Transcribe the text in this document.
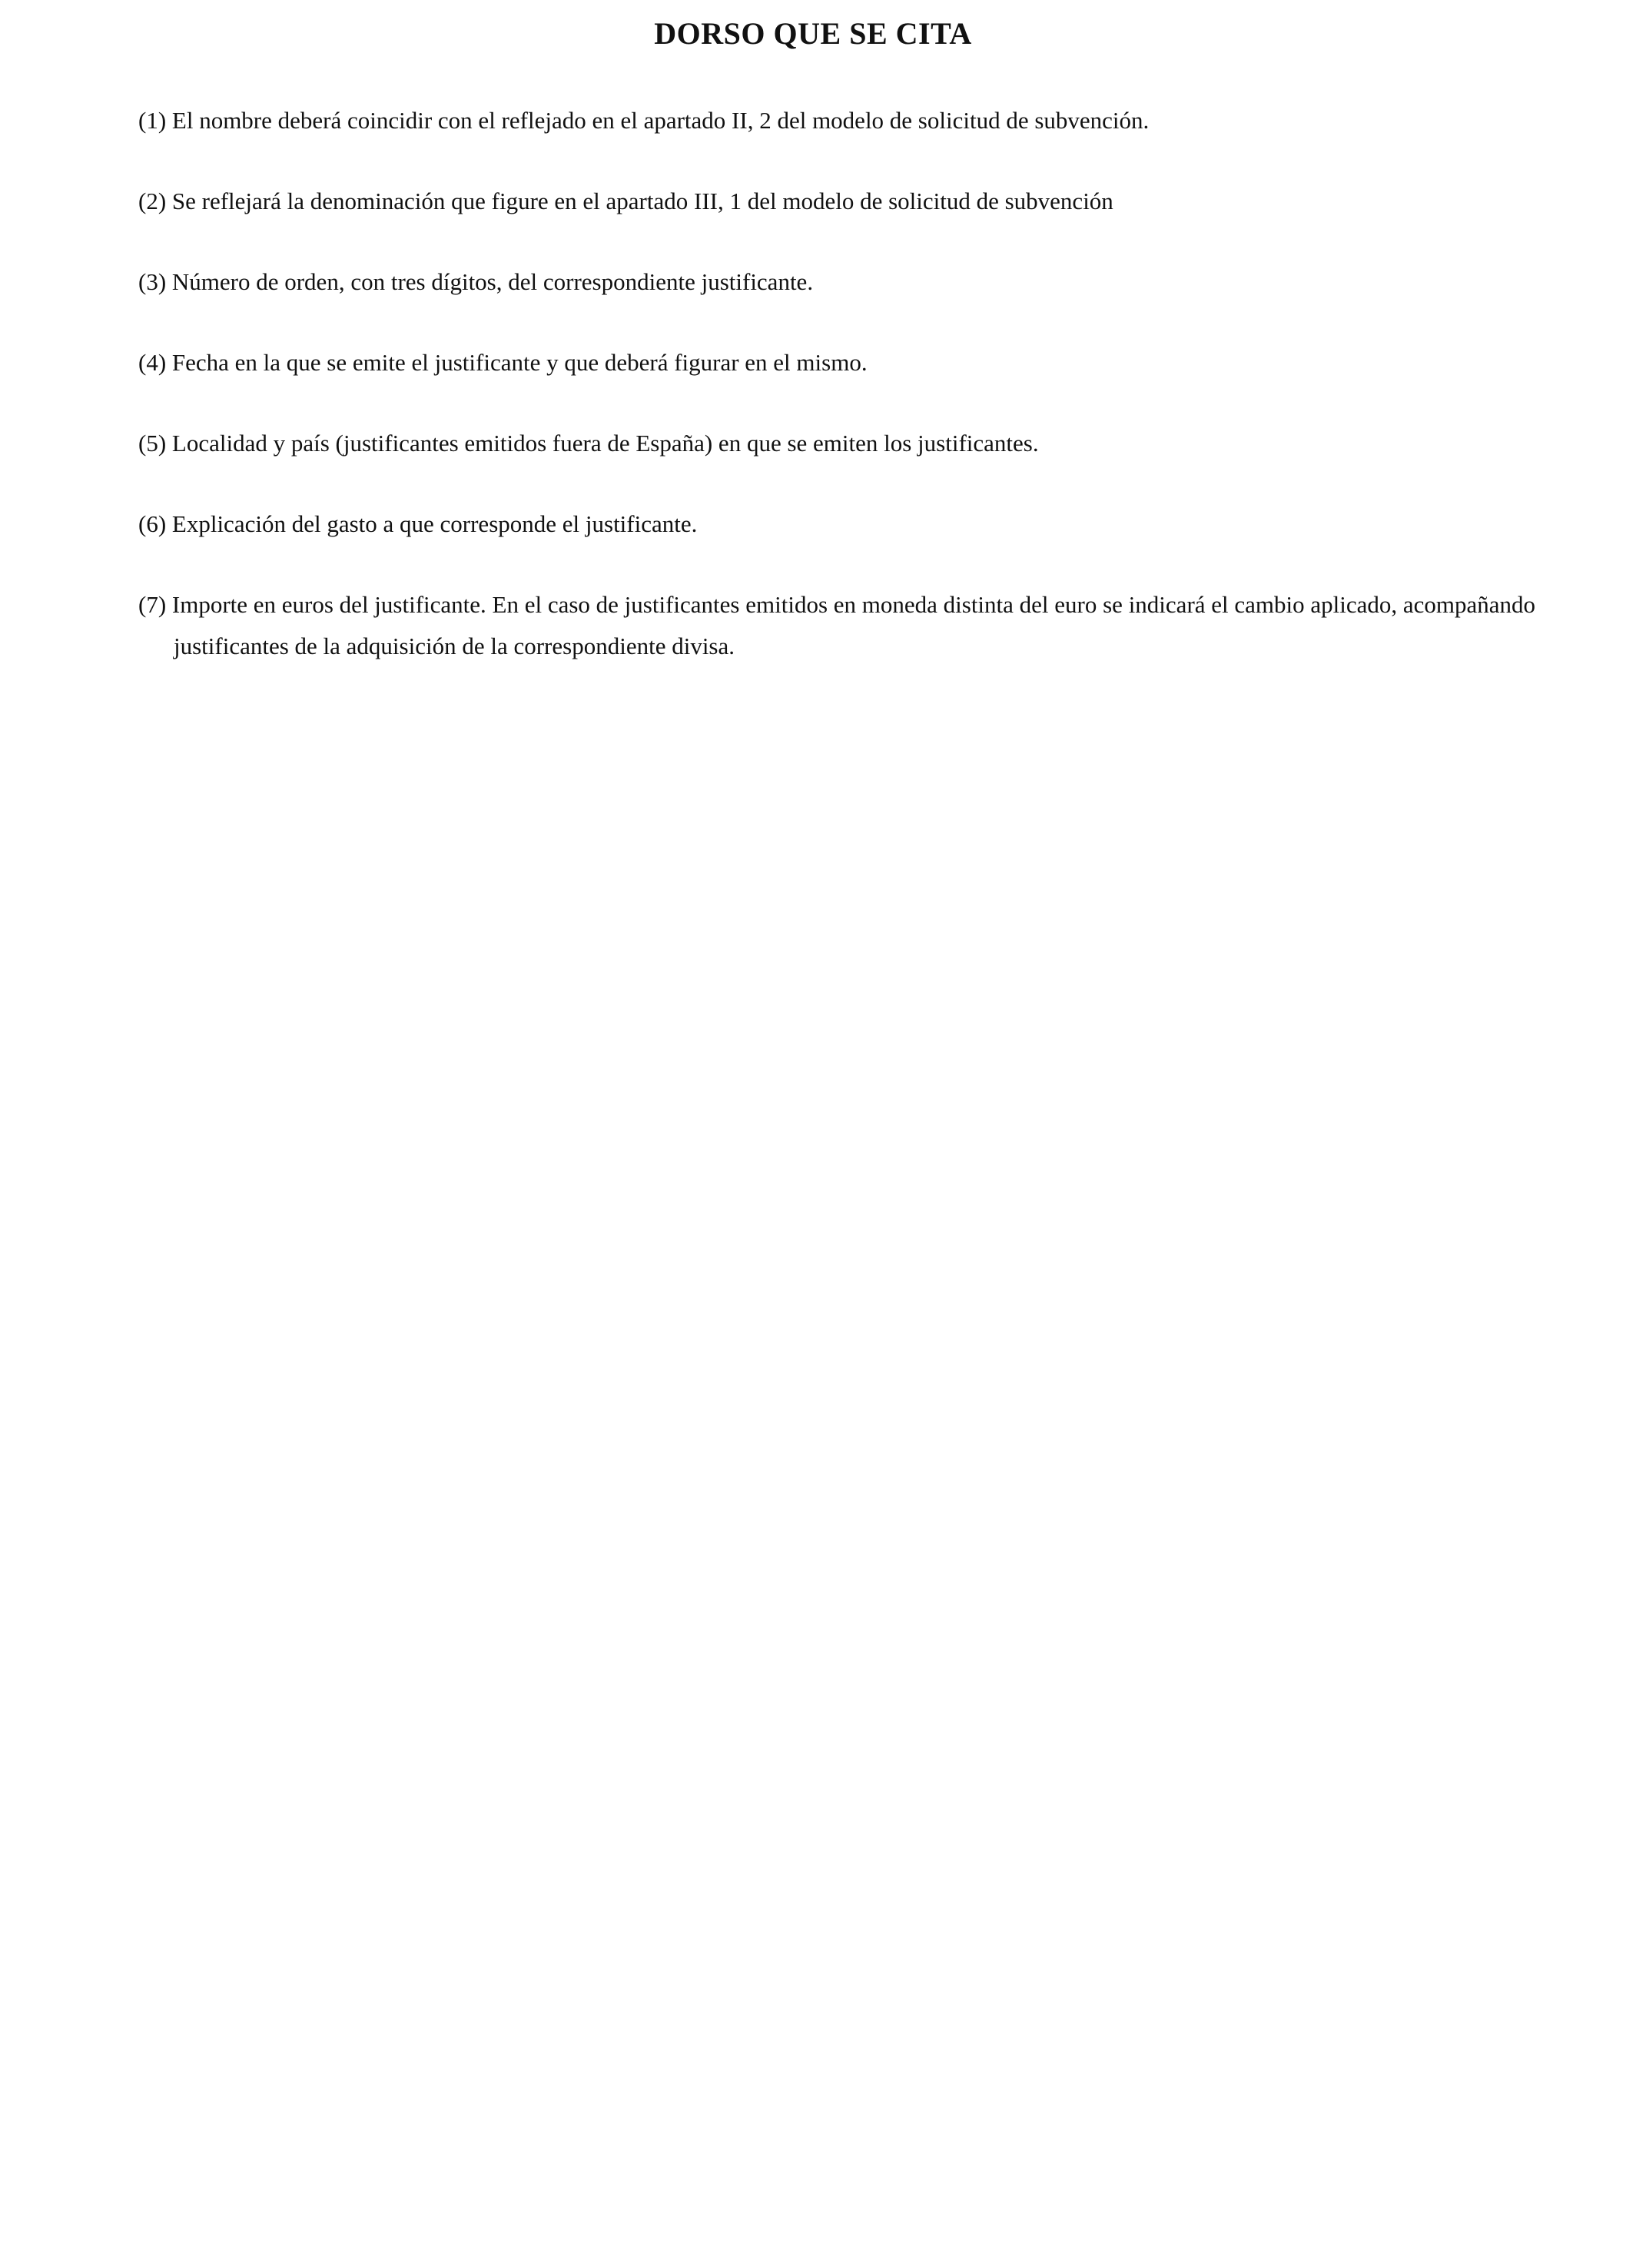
DORSO QUE SE CITA
(1) El nombre deberá coincidir con el reflejado en el apartado II, 2 del modelo de solicitud de subvención.
(2) Se reflejará la denominación que figure en el apartado III, 1 del modelo de solicitud de subvención
(3) Número de orden, con tres dígitos, del correspondiente justificante.
(4) Fecha en la que se emite el justificante y que deberá figurar en el mismo.
(5) Localidad y país (justificantes emitidos fuera de España) en que se emiten los justificantes.
(6) Explicación del gasto a que corresponde el justificante.
(7) Importe en euros del justificante. En el caso de justificantes emitidos en moneda distinta del euro se indicará el cambio aplicado, acompañando justificantes de la adquisición de la correspondiente divisa.
